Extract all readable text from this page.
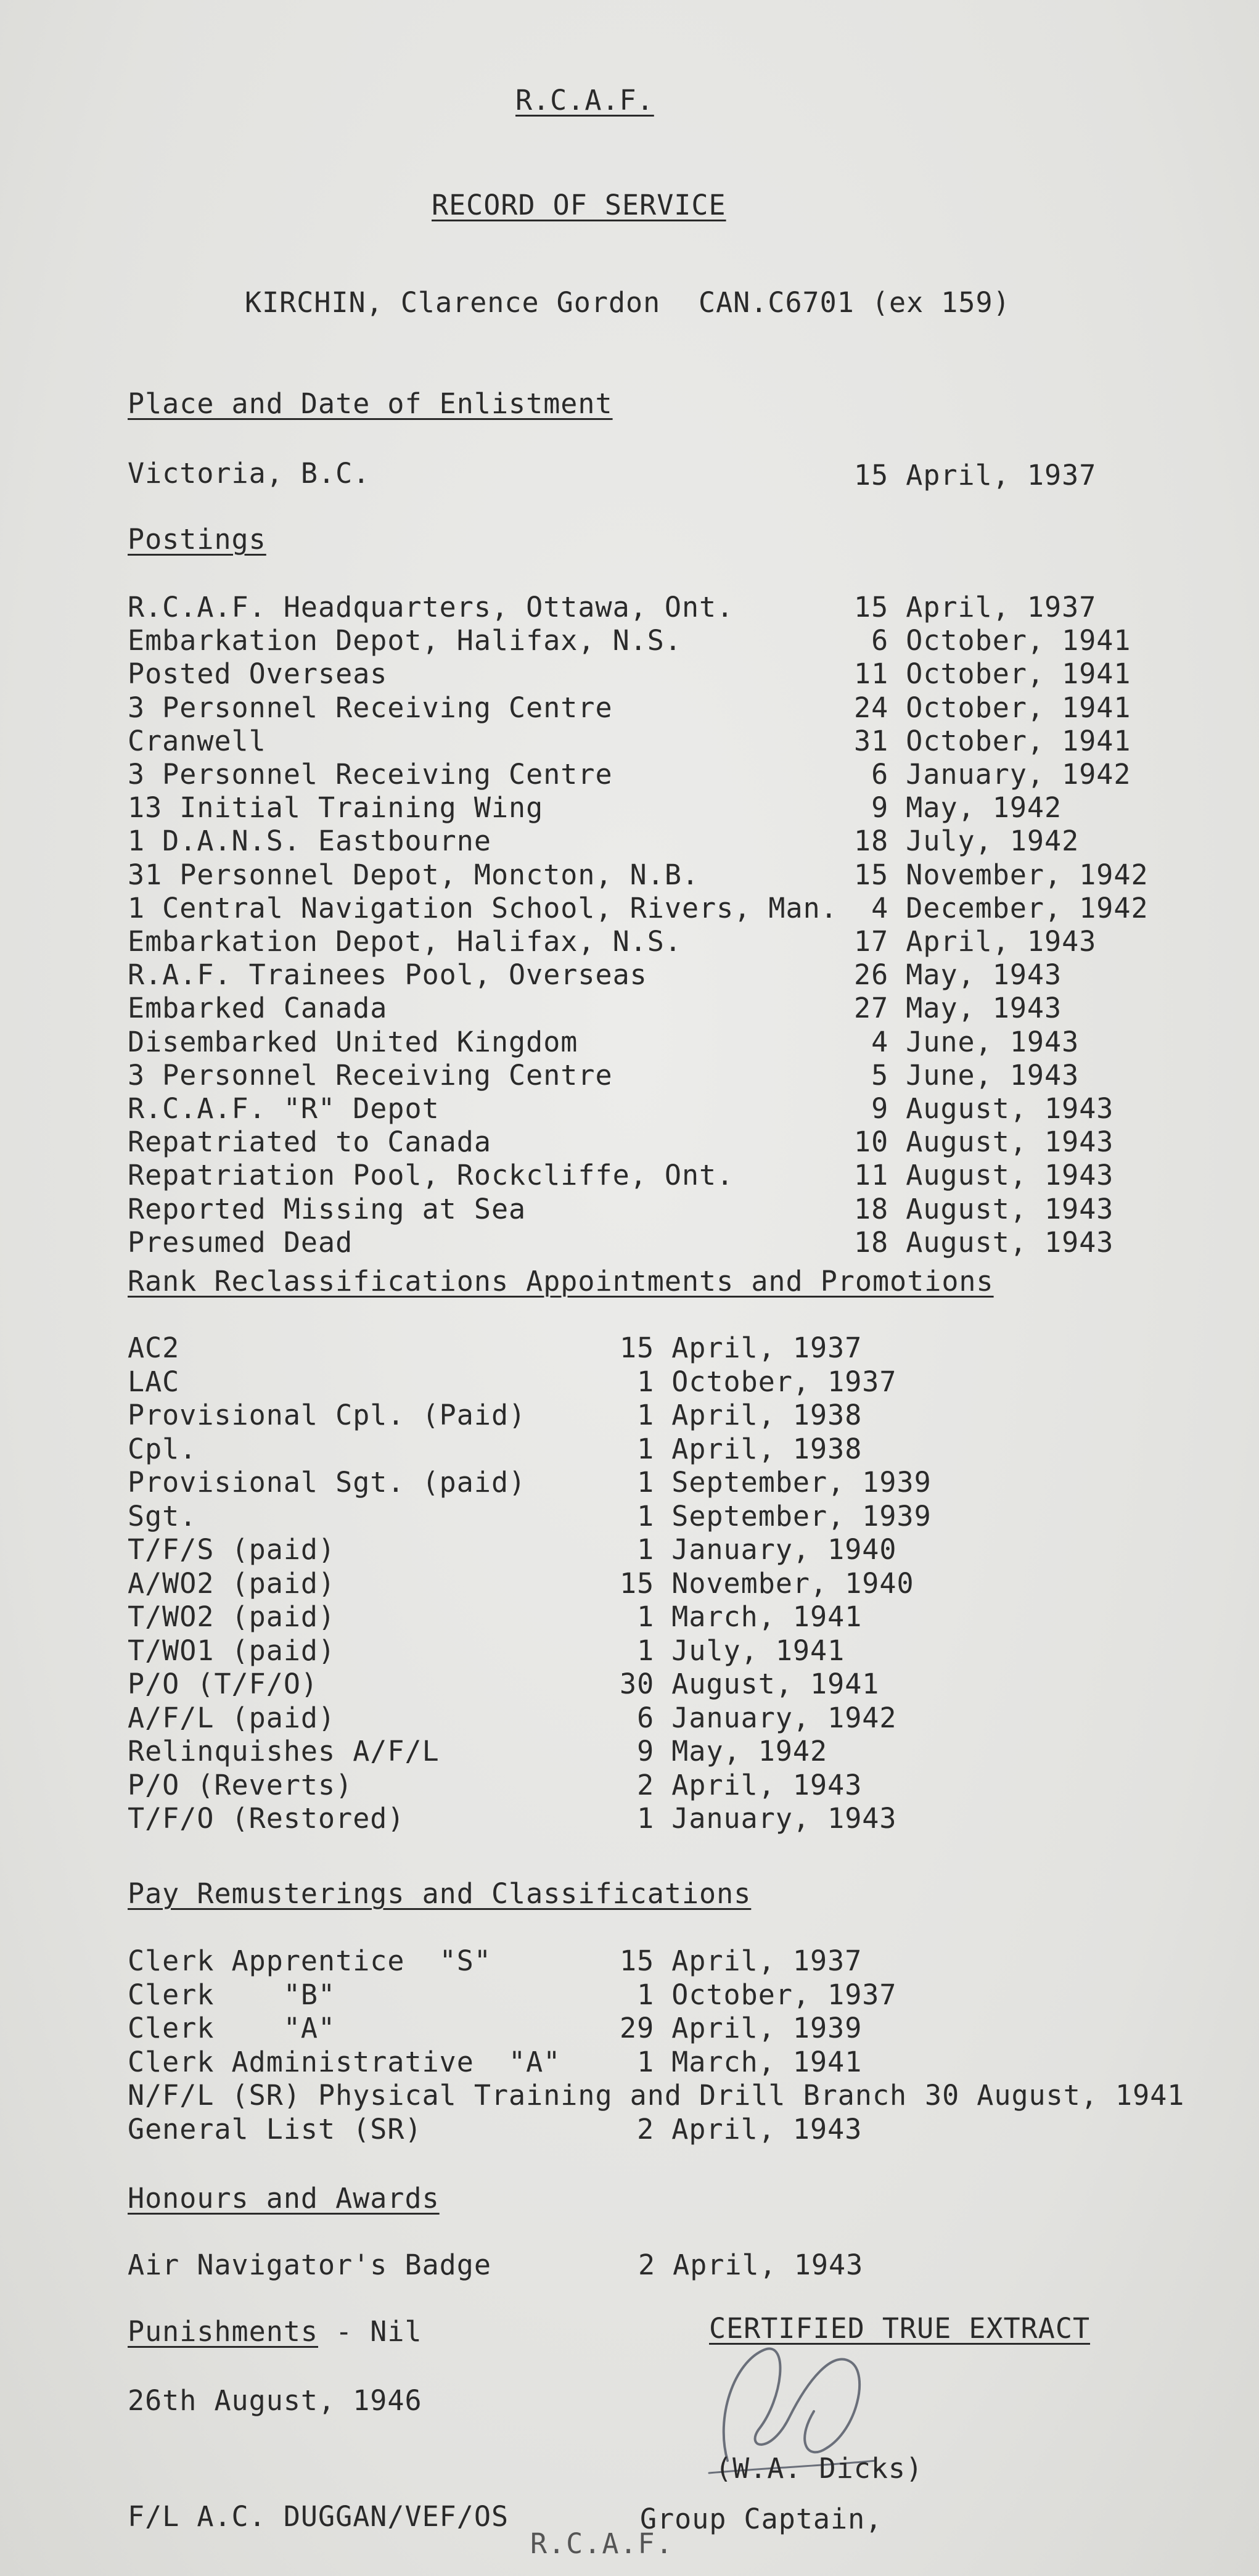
R.C.A.F.
RECORD OF SERVICE
KIRCHIN, Clarence Gordon CAN.C6701 (ex 159)
Place and Date of Enlistment
Victoria, B.C.	15 April, 1937
Postings
R.C.A.F. Headquarters, Ottawa, Ont.	15 April, 1937
Embarkation Depot, Halifax, N.S.	6 October, 1941
Posted Overseas	11 October, 1941
3 Personnel Receiving Centre	24 October, 1941
Cranwell	31 October, 1941
3 Personnel Receiving Centre	6 January, 1942
13 Initial Training Wing	9 May, 1942
1 D.A.N.S. Eastbourne	18 July, 1942
31 Personnel Depot, Moncton, N.B.	15 November, 1942
1 Central Navigation School, Rivers, Man. 4 December, 1942
Embarkation Depot, Halifax, N.S.	17 April, 1943
R.A.F. Trainees Pool, Overseas	26 May, 1943
Embarked Canada	27 May, 1943
Disembarked United Kingdom	4 June, 1943
3 Personnel Receiving Centre	5 June, 1943
R.C.A.F. "R" Depot	9 August, 1943
Repatriated to Canada	10 August, 1943
Repatriation Pool, Rockcliffe, Ont.	11 August, 1943
Reported Missing at Sea	18 August, 1943
Presumed Dead	18 August, 1943
Rank Reclassifications Appointments and Promotions
AC2	15 April, 1937
LAC	1 October, 1937
Provisional Cpl. (Paid)	1 April, 1938
Cpl.	1 April, 1938
Provisional Sgt. (paid)	1 September, 1939
Sgt.	1 September, 1939
T/F/S (paid)	1 January, 1940
A/WO2 (paid)	15 November, 1940
T/WO2 (paid)	1 March, 1941
T/WO1 (paid)	1 July, 1941
P/O (T/F/O)	30 August, 1941
A/F/L (paid)	6 January, 1942
Relinquishes A/F/L	9 May, 1942
P/O (Reverts)	2 April, 1943
T/F/O (Restored)	1 January, 1943
Pay Remusterings and Classifications
Clerk Apprentice  "S"	15 April, 1937
Clerk    "B"	1 October, 1937
Clerk    "A"	29 April, 1939
Clerk Administrative  "A" 1 March, 1941
N/F/L (SR) Physical Training and Drill Branch 30 August, 1941
General List (SR)	2 April, 1943
Honours and Awards
Air Navigator's Badge	2 April, 1943
Punishments - Nil	CERTIFIED TRUE EXTRACT
26th August, 1946
(W.A. Dicks)
F/L A.C. DUGGAN/VEF/OS	Group Captain,
R.C.A.F.
